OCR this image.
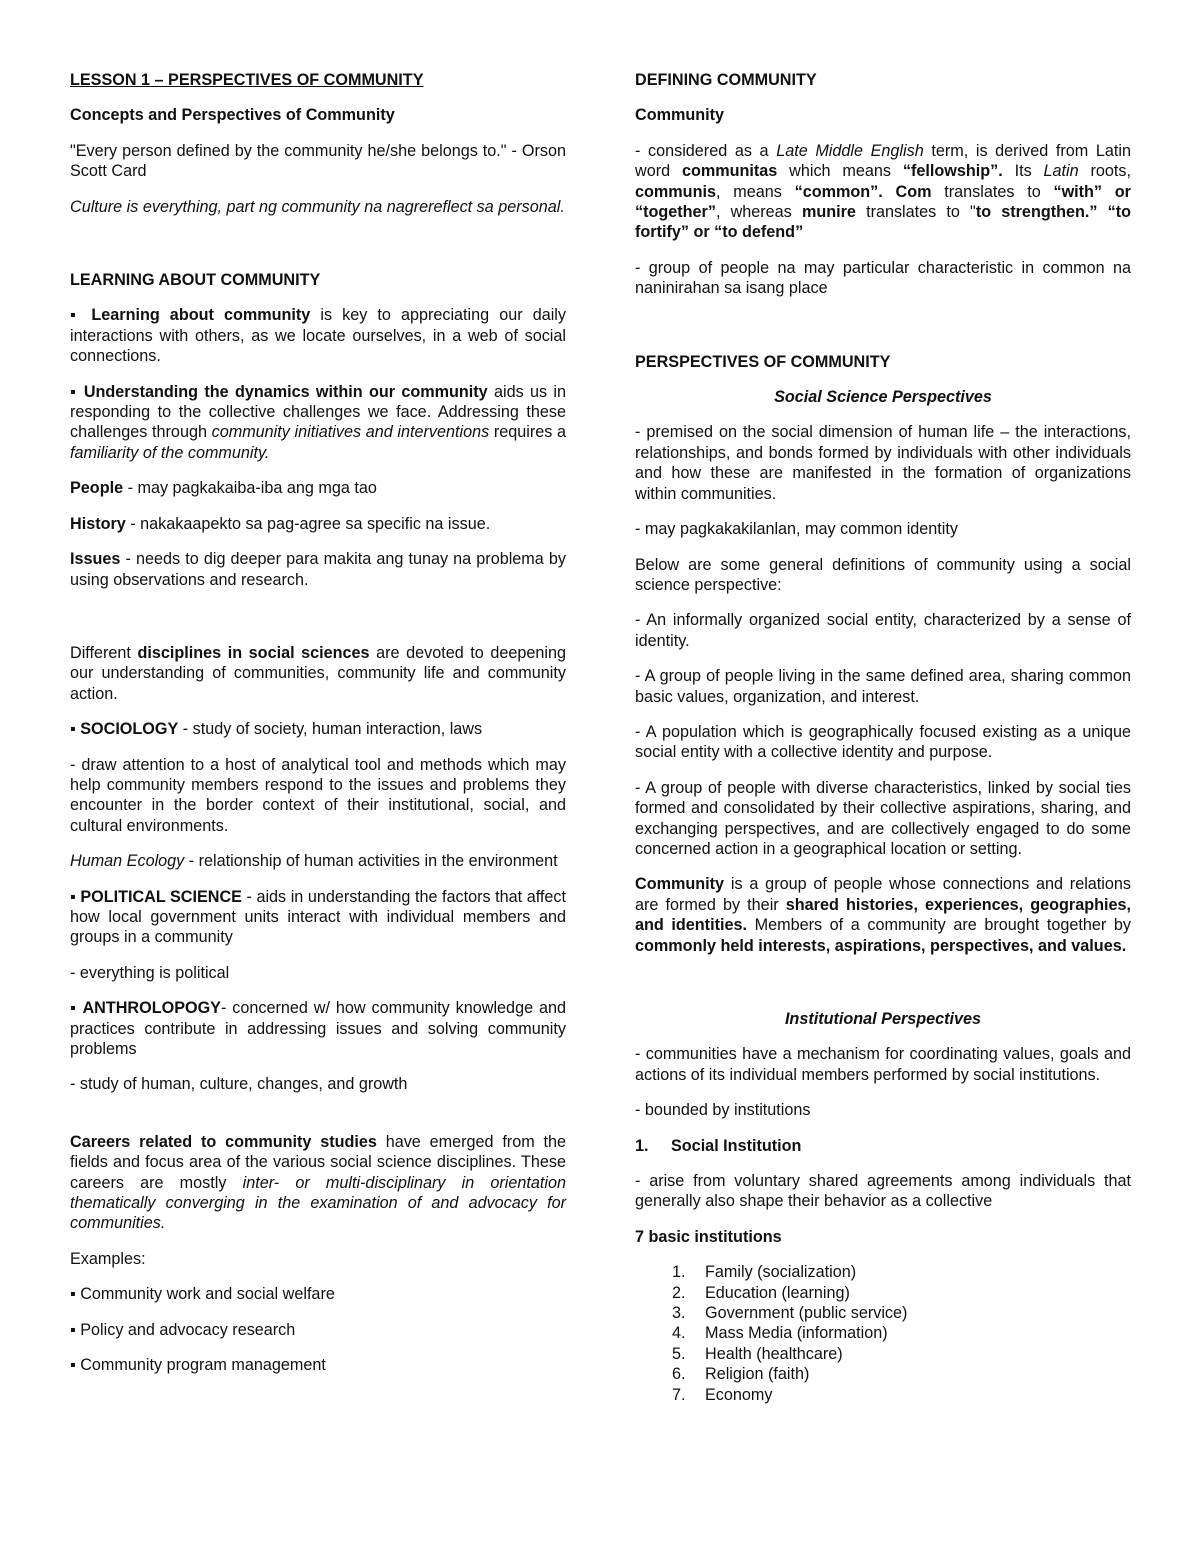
LESSON 1 – PERSPECTIVES OF COMMUNITY
Concepts and Perspectives of Community

"Every person defined by the community he/she belongs to." - Orson Scott Card

Culture is everything, part ng community na nagrereflect sa personal.

LEARNING ABOUT COMMUNITY

▪ Learning about community is key to appreciating our daily interactions with others, as we locate ourselves, in a web of social connections.

▪ Understanding the dynamics within our community aids us in responding to the collective challenges we face. Addressing these challenges through community initiatives and interventions requires a familiarity of the community.

People - may pagkakaiba-iba ang mga tao

History - nakakaapekto sa pag-agree sa specific na issue.

Issues - needs to dig deeper para makita ang tunay na problema by using observations and research.

Different disciplines in social sciences are devoted to deepening our understanding of communities, community life and community action.

▪ SOCIOLOGY - study of society, human interaction, laws

- draw attention to a host of analytical tool and methods which may help community members respond to the issues and problems they encounter in the border context of their institutional, social, and cultural environments.

Human Ecology - relationship of human activities in the environment

▪ POLITICAL SCIENCE - aids in understanding the factors that affect how local government units interact with individual members and groups in a community

- everything is political

▪ ANTHROLOPOGY- concerned w/ how community knowledge and practices contribute in addressing issues and solving community problems

- study of human, culture, changes, and growth

Careers related to community studies have emerged from the fields and focus area of the various social science disciplines. These careers are mostly inter- or multi-disciplinary in orientation thematically converging in the examination of and advocacy for communities.

Examples:

▪ Community work and social welfare

▪ Policy and advocacy research

▪ Community program management

DEFINING COMMUNITY
Community

- considered as a Late Middle English term, is derived from Latin word communitas which means “fellowship”. Its Latin roots, communis, means “common”. Com translates to “with” or “together”, whereas munire translates to "to strengthen.” “to fortify” or “to defend”

- group of people na may particular characteristic in common na naninirahan sa isang place

PERSPECTIVES OF COMMUNITY

Social Science Perspectives

- premised on the social dimension of human life – the interactions, relationships, and bonds formed by individuals with other individuals and how these are manifested in the formation of organizations within communities.

- may pagkakakilanlan, may common identity

Below are some general definitions of community using a social science perspective:

- An informally organized social entity, characterized by a sense of identity.

- A group of people living in the same defined area, sharing common basic values, organization, and interest.

- A population which is geographically focused existing as a unique social entity with a collective identity and purpose.

- A group of people with diverse characteristics, linked by social ties formed and consolidated by their collective aspirations, sharing, and exchanging perspectives, and are collectively engaged to do some concerned action in a geographical location or setting.

Community is a group of people whose connections and relations are formed by their shared histories, experiences, geographies, and identities. Members of a community are brought together by commonly held interests, aspirations, perspectives, and values.

Institutional Perspectives

- communities have a mechanism for coordinating values, goals and actions of its individual members performed by social institutions.

- bounded by institutions

1. Social Institution

- arise from voluntary shared agreements among individuals that generally also shape their behavior as a collective

7 basic institutions
1.	Family (socialization)
2.	Education (learning)
3.	Government (public service)
4.	Mass Media (information)
5.	Health (healthcare)
6.	Religion (faith)
7.	Economy
